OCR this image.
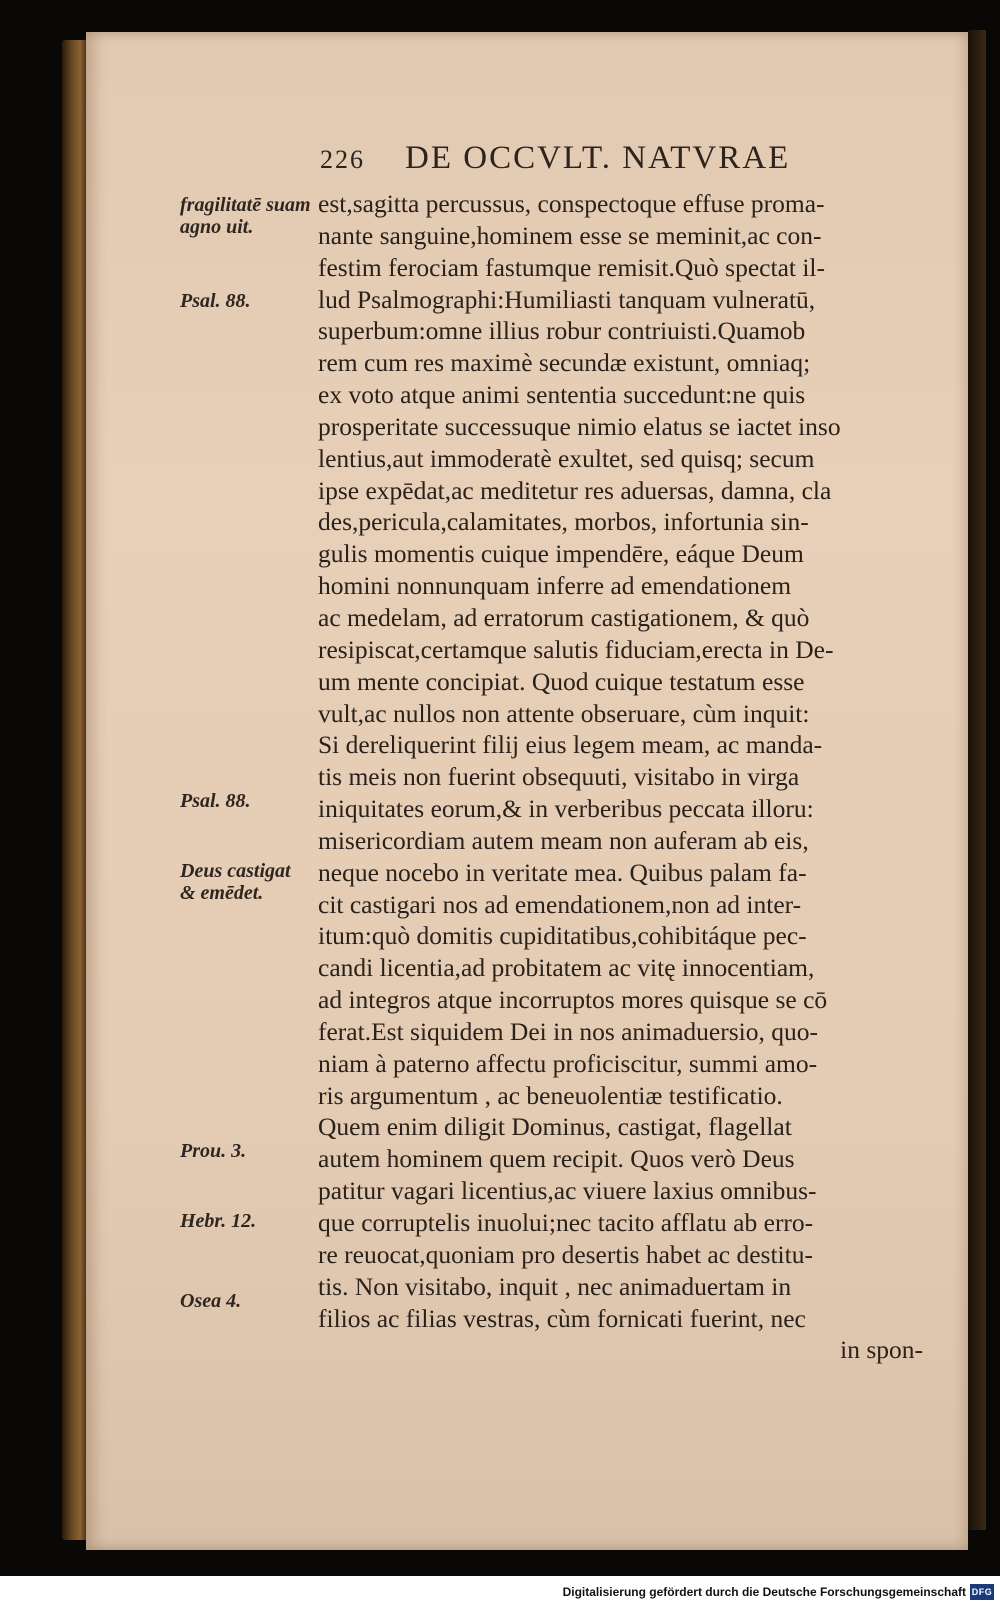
226 DE OCCVLT. NATVRAE
fragilitatē suam agno uit.
Psal. 88.
Psal. 88.
Deus castigat & emēdet.
Prou. 3.
Hebr. 12.
Osea 4.
est,sagitta percussus, conspectoque effuse proma-
nante sanguine,hominem esse se meminit,ac con-
festim ferociam fastumque remisit.Quò spectat il-
lud Psalmographi:Humiliasti tanquam vulneratū,
superbum:omne illius robur contriuisti.Quamob
rem cum res maximè secundæ existunt, omniaq;
ex voto atque animi sententia succedunt:ne quis
prosperitate successuque nimio elatus se iactet inso
lentius,aut immoderatè exultet, sed quisq; secum
ipse expēdat,ac meditetur res aduersas, damna, cla
des,pericula,calamitates, morbos, infortunia sin-
gulis momentis cuique impendēre, eáque Deum
homini nonnunquam inferre ad emendationem
ac medelam, ad erratorum castigationem, & quò
resipiscat,certamque salutis fiduciam,erecta in De-
um mente concipiat. Quod cuique testatum esse
vult,ac nullos non attente obseruare, cùm inquit:
Si dereliquerint filij eius legem meam, ac manda-
tis meis non fuerint obsequuti, visitabo in virga
iniquitates eorum,& in verberibus peccata illoru:
misericordiam autem meam non auferam ab eis,
neque nocebo in veritate mea. Quibus palam fa-
cit castigari nos ad emendationem,non ad inter-
itum:quò domitis cupiditatibus,cohibitáque pec-
candi licentia,ad probitatem ac vitę innocentiam,
ad integros atque incorruptos mores quisque se cō
ferat.Est siquidem Dei in nos animaduersio, quo-
niam à paterno affectu proficiscitur, summi amo-
ris argumentum , ac beneuolentiæ testificatio.
Quem enim diligit Dominus, castigat, flagellat
autem hominem quem recipit. Quos verò Deus
patitur vagari licentius,ac viuere laxius omnibus-
que corruptelis inuolui;nec tacito afflatu ab erro-
re reuocat,quoniam pro desertis habet ac destitu-
tis. Non visitabo, inquit , nec animaduertam in
filios ac filias vestras, cùm fornicati fuerint, nec
in spon-
Digitalisierung gefördert durch die Deutsche Forschungsgemeinschaft DFG
